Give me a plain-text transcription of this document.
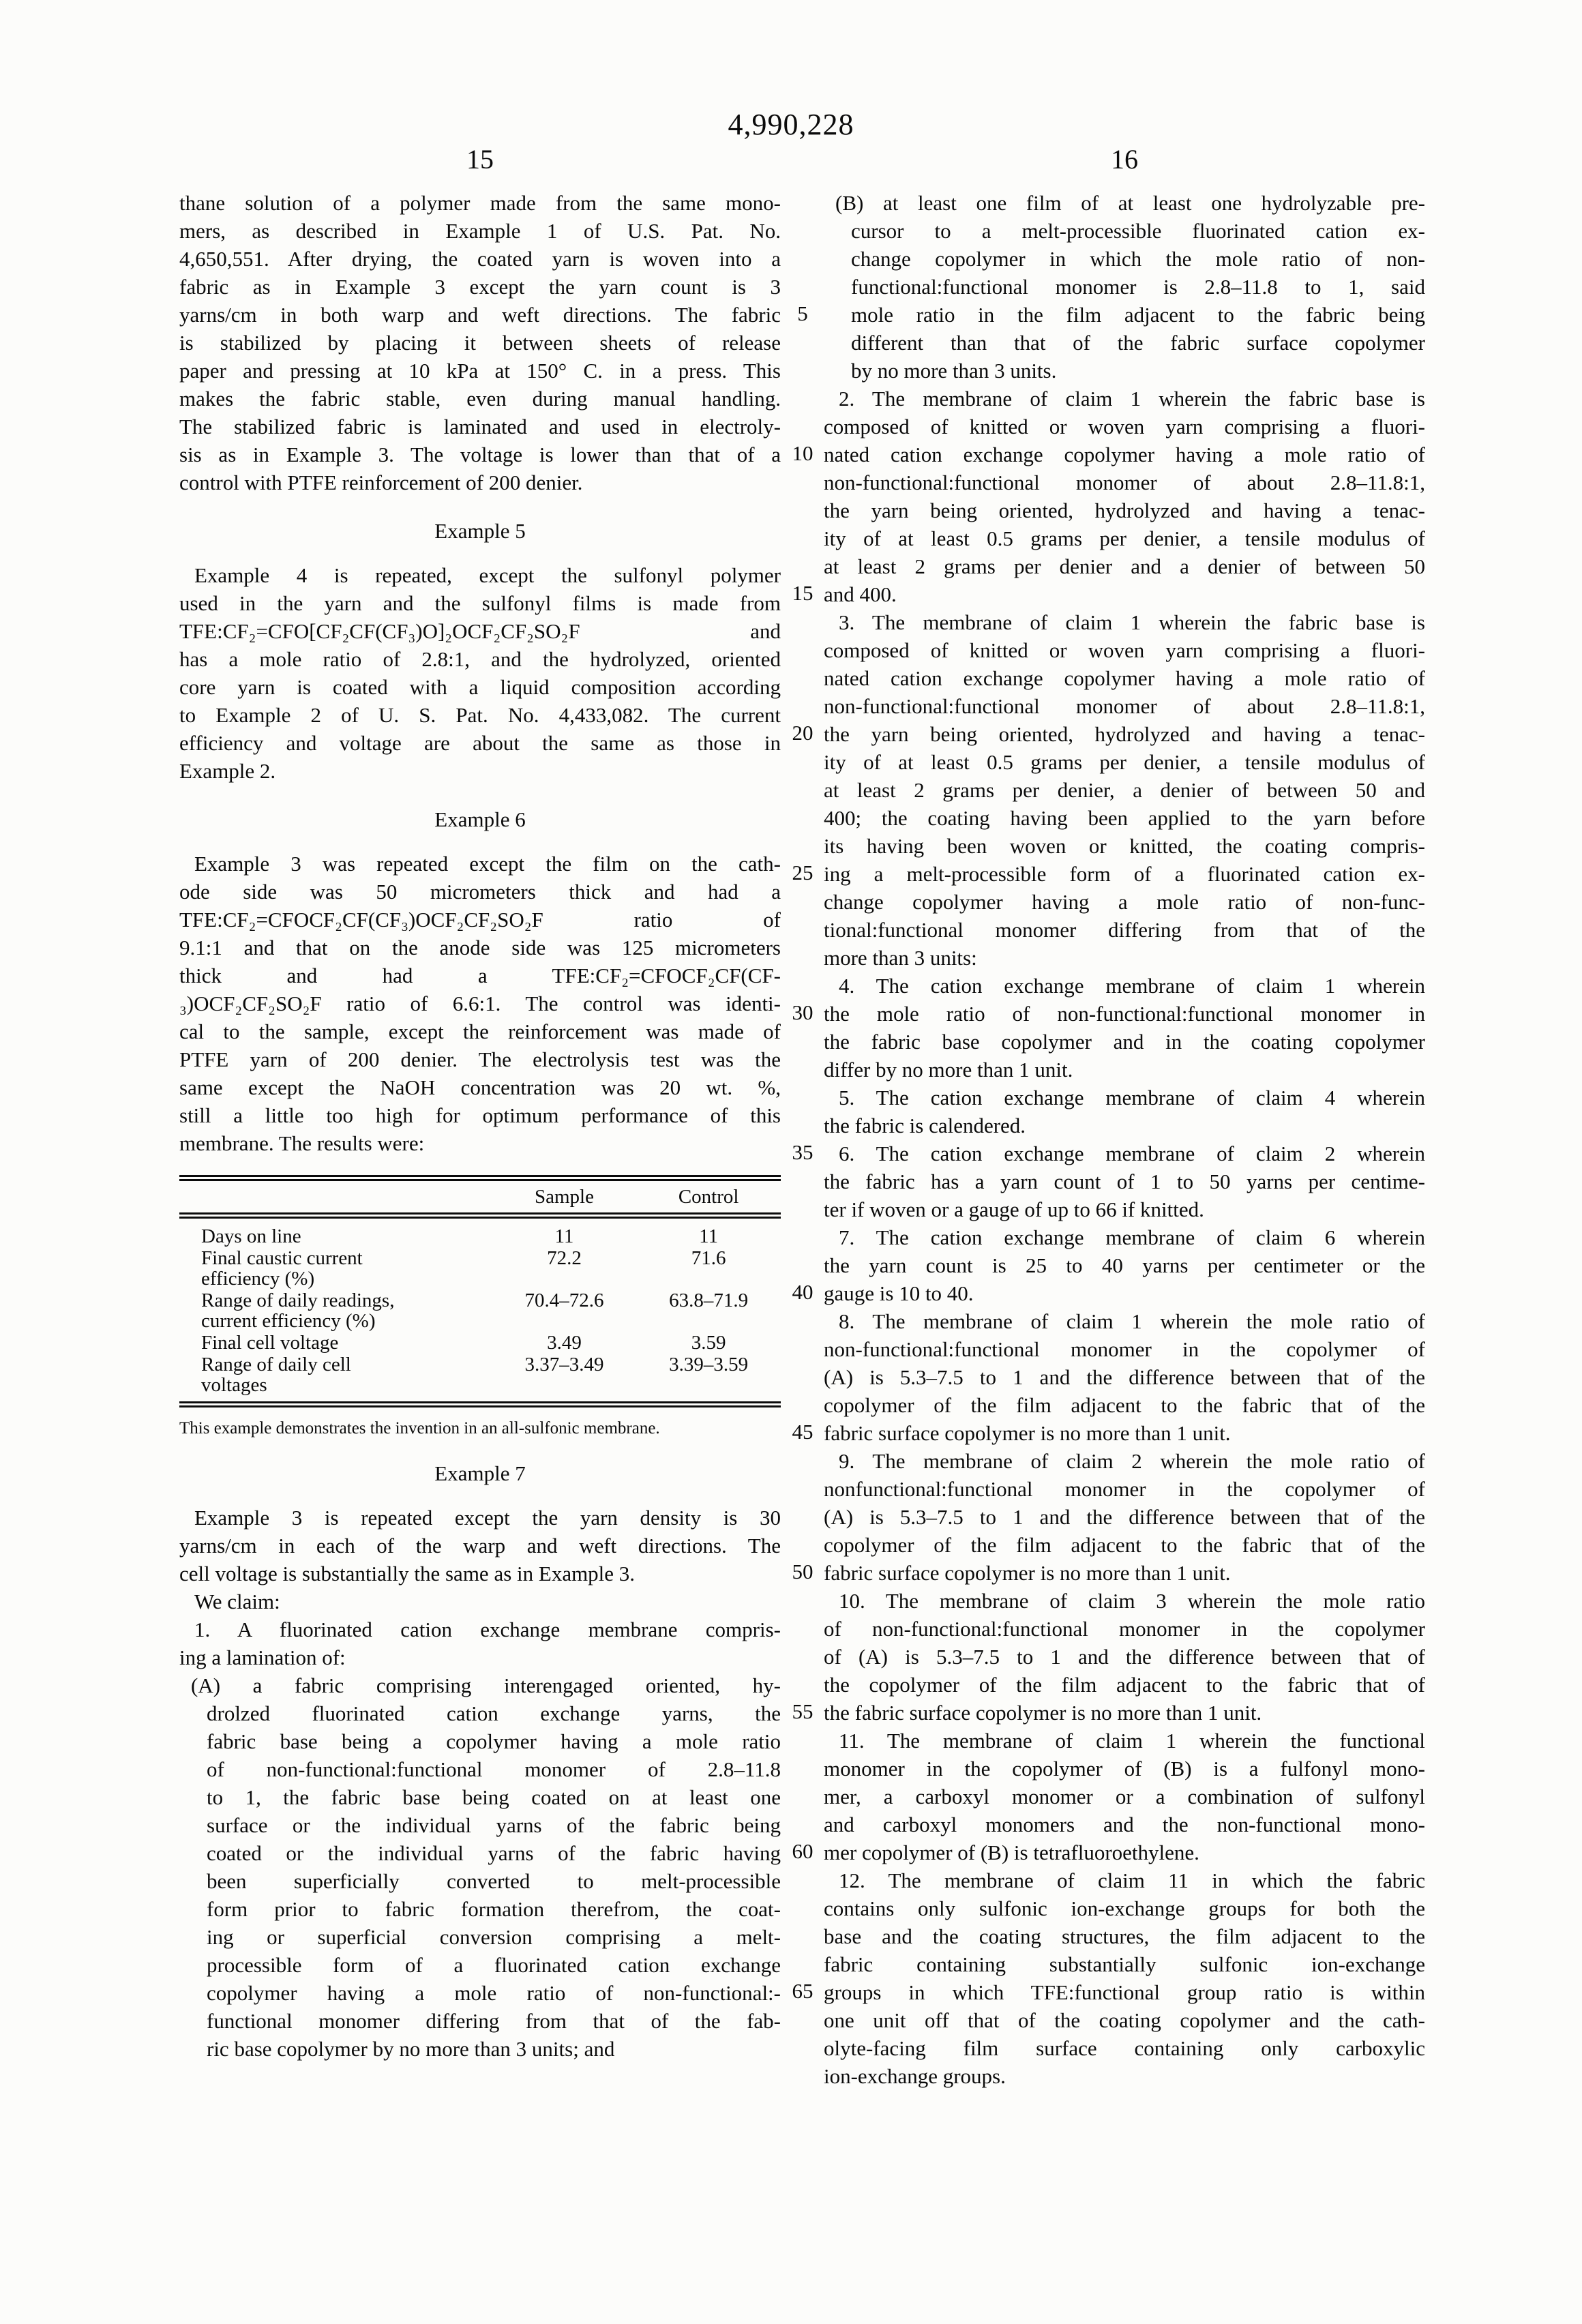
4,990,228
15	16
5
10
15
20
25
30
35
40
45
50
55
60
65
thane solution of a polymer made from the same mono-
mers, as described in Example 1 of U.S. Pat. No.
4,650,551. After drying, the coated yarn is woven into a
fabric as in Example 3 except the yarn count is 3
yarns/cm in both warp and weft directions. The fabric
is stabilized by placing it between sheets of release
paper and pressing at 10 kPa at 150° C. in a press. This
makes the fabric stable, even during manual handling.
The stabilized fabric is laminated and used in electroly-
sis as in Example 3. The voltage is lower than that of a
control with PTFE reinforcement of 200 denier.
Example 5
Example 4 is repeated, except the sulfonyl polymer
used in the yarn and the sulfonyl films is made from
TFE:CF₂=CFO[CF₂CF(CF₃)O]₂OCF₂CF₂SO₂F and
has a mole ratio of 2.8:1, and the hydrolyzed, oriented
core yarn is coated with a liquid composition according
to Example 2 of U. S. Pat. No. 4,433,082. The current
efficiency and voltage are about the same as those in
Example 2.
Example 6
Example 3 was repeated except the film on the cath-
ode side was 50 micrometers thick and had a
TFE:CF₂=CFOCF₂CF(CF₃)OCF₂CF₂SO₂F ratio of
9.1:1 and that on the anode side was 125 micrometers
thick and had a TFE:CF₂=CFOCF₂CF(CF-
₃)OCF₂CF₂SO₂F ratio of 6.6:1. The control was identi-
cal to the sample, except the reinforcement was made of
PTFE yarn of 200 denier. The electrolysis test was the
same except the NaOH concentration was 20 wt. %,
still a little too high for optimum performance of this
membrane. The results were:
Sample	Control
Days on line	11	11
Final caustic current
efficiency (%)
72.2	71.6
Range of daily readings,
current efficiency (%)
70.4–72.6	63.8–71.9
Final cell voltage	3.49	3.59
Range of daily cell
voltages
3.37–3.49	3.39–3.59
This example demonstrates the invention in an all-sulfonic membrane.
Example 7
Example 3 is repeated except the yarn density is 30
yarns/cm in each of the warp and weft directions. The
cell voltage is substantially the same as in Example 3.
We claim:
1. A fluorinated cation exchange membrane compris-
ing a lamination of:
(A) a fabric comprising interengaged oriented, hy-
drolzed fluorinated cation exchange yarns, the
fabric base being a copolymer having a mole ratio
of non-functional:functional monomer of 2.8–11.8
to 1, the fabric base being coated on at least one
surface or the individual yarns of the fabric being
coated or the individual yarns of the fabric having
been superficially converted to melt-processible
form prior to fabric formation therefrom, the coat-
ing or superficial conversion comprising a melt-
processible form of a fluorinated cation exchange
copolymer having a mole ratio of non-functional:-
functional monomer differing from that of the fab-
ric base copolymer by no more than 3 units; and
(B) at least one film of at least one hydrolyzable pre-
cursor to a melt-processible fluorinated cation ex-
change copolymer in which the mole ratio of non-
functional:functional monomer is 2.8–11.8 to 1, said
mole ratio in the film adjacent to the fabric being
different than that of the fabric surface copolymer
by no more than 3 units.
2. The membrane of claim 1 wherein the fabric base is
composed of knitted or woven yarn comprising a fluori-
nated cation exchange copolymer having a mole ratio of
non-functional:functional monomer of about 2.8–11.8:1,
the yarn being oriented, hydrolyzed and having a tenac-
ity of at least 0.5 grams per denier, a tensile modulus of
at least 2 grams per denier and a denier of between 50
and 400.
3. The membrane of claim 1 wherein the fabric base is
composed of knitted or woven yarn comprising a fluori-
nated cation exchange copolymer having a mole ratio of
non-functional:functional monomer of about 2.8–11.8:1,
the yarn being oriented, hydrolyzed and having a tenac-
ity of at least 0.5 grams per denier, a tensile modulus of
at least 2 grams per denier, a denier of between 50 and
400; the coating having been applied to the yarn before
its having been woven or knitted, the coating compris-
ing a melt-processible form of a fluorinated cation ex-
change copolymer having a mole ratio of non-func-
tional:functional monomer differing from that of the
more than 3 units:
4. The cation exchange membrane of claim 1 wherein
the mole ratio of non-functional:functional monomer in
the fabric base copolymer and in the coating copolymer
differ by no more than 1 unit.
5. The cation exchange membrane of claim 4 wherein
the fabric is calendered.
6. The cation exchange membrane of claim 2 wherein
the fabric has a yarn count of 1 to 50 yarns per centime-
ter if woven or a gauge of up to 66 if knitted.
7. The cation exchange membrane of claim 6 wherein
the yarn count is 25 to 40 yarns per centimeter or the
gauge is 10 to 40.
8. The membrane of claim 1 wherein the mole ratio of
non-functional:functional monomer in the copolymer of
(A) is 5.3–7.5 to 1 and the difference between that of the
copolymer of the film adjacent to the fabric that of the
fabric surface copolymer is no more than 1 unit.
9. The membrane of claim 2 wherein the mole ratio of
nonfunctional:functional monomer in the copolymer of
(A) is 5.3–7.5 to 1 and the difference between that of the
copolymer of the film adjacent to the fabric that of the
fabric surface copolymer is no more than 1 unit.
10. The membrane of claim 3 wherein the mole ratio
of non-functional:functional monomer in the copolymer
of (A) is 5.3–7.5 to 1 and the difference between that of
the copolymer of the film adjacent to the fabric that of
the fabric surface copolymer is no more than 1 unit.
11. The membrane of claim 1 wherein the functional
monomer in the copolymer of (B) is a fulfonyl mono-
mer, a carboxyl monomer or a combination of sulfonyl
and carboxyl monomers and the non-functional mono-
mer copolymer of (B) is tetrafluoroethylene.
12. The membrane of claim 11 in which the fabric
contains only sulfonic ion-exchange groups for both the
base and the coating structures, the film adjacent to the
fabric containing substantially sulfonic ion-exchange
groups in which TFE:functional group ratio is within
one unit off that of the coating copolymer and the cath-
olyte-facing film surface containing only carboxylic
ion-exchange groups.
